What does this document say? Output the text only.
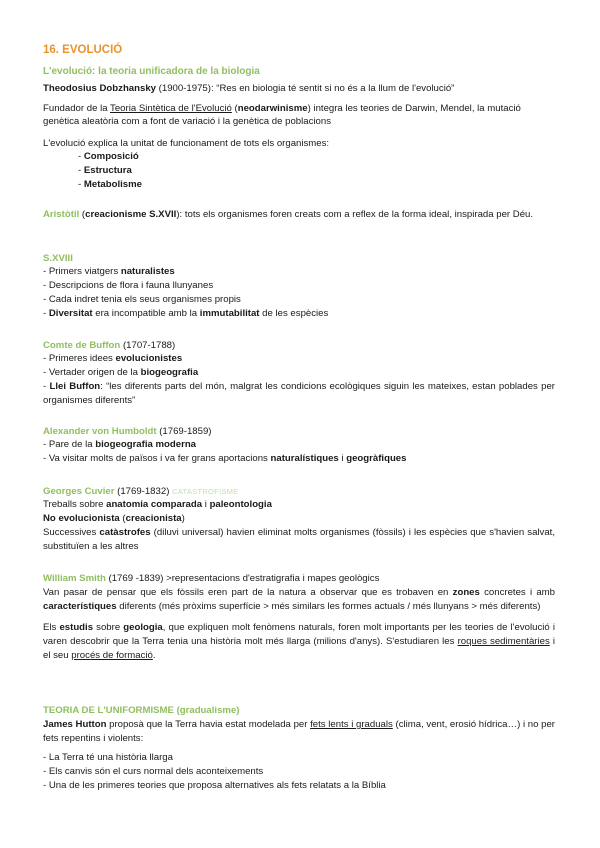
16. EVOLUCIÓ
L'evolució: la teoria unificadora de la biologia
Theodosius Dobzhansky (1900-1975): “Res en biologia té sentit si no és a la llum de l'evolució”
Fundador de la Teoria Sintètica de l'Evolució (neodarwinisme) integra les teories de Darwin, Mendel, la mutació genètica aleatòria com a font de variació i la genètica de poblacions
L'evolució explica la unitat de funcionament de tots els organismes:
- Composició
- Estructura
- Metabolisme
Aristòtil (creacionisme S.XVII): tots els organismes foren creats com a reflex de la forma ideal, inspirada per Déu.
S.XVIII
- Primers viatgers naturalistes
- Descripcions de flora i fauna llunyanes
- Cada indret tenia els seus organismes propis
- Diversitat era incompatible amb la immutabilitat de les espècies
Comte de Buffon (1707-1788)
- Primeres idees evolucionistes
- Vertader origen de la biogeografia
- Llei Buffon: “les diferents parts del món, malgrat les condicions ecològiques siguin les mateixes, estan poblades per organismes diferents”
Alexander von Humboldt (1769-1859)
- Pare de la biogeografia moderna
- Va visitar molts de països i va fer grans aportacions naturalístiques i geogràfiques
Georges Cuvier (1769-1832) CATASTROFISME
Treballs sobre anatomia comparada i paleontologia
No evolucionista (creacionista)
Successives catàstrofes (diluvi universal) havien eliminat molts organismes (fòssils) i les espècies que s'havien salvat, substituïen a les altres
William Smith (1769 -1839) >representacions d'estratigrafia i mapes geològics
Van pasar de pensar que els fòssils eren part de la natura a observar que es trobaven en zones concretes i amb característiques diferents (més pròxims superfície > més similars les formes actuals / més llunyans > més diferents)
Els estudis sobre geologia, que expliquen molt fenòmens naturals, foren molt importants per les teories de l'evolució i varen descobrir que la Terra tenia una història molt més llarga (milions d'anys). S'estudiaren les roques sedimentàries i el seu procés de formació.
TEORIA DE L'UNIFORMISME (gradualisme)
James Hutton proposà que la Terra havia estat modelada per fets lents i graduals (clima, vent, erosió hídrica…) i no per fets repentins i violents:
- La Terra té una història llarga
- Els canvis són el curs normal dels aconteixements
- Una de les primeres teories que proposa alternatives als fets relatats a la Bíblia
